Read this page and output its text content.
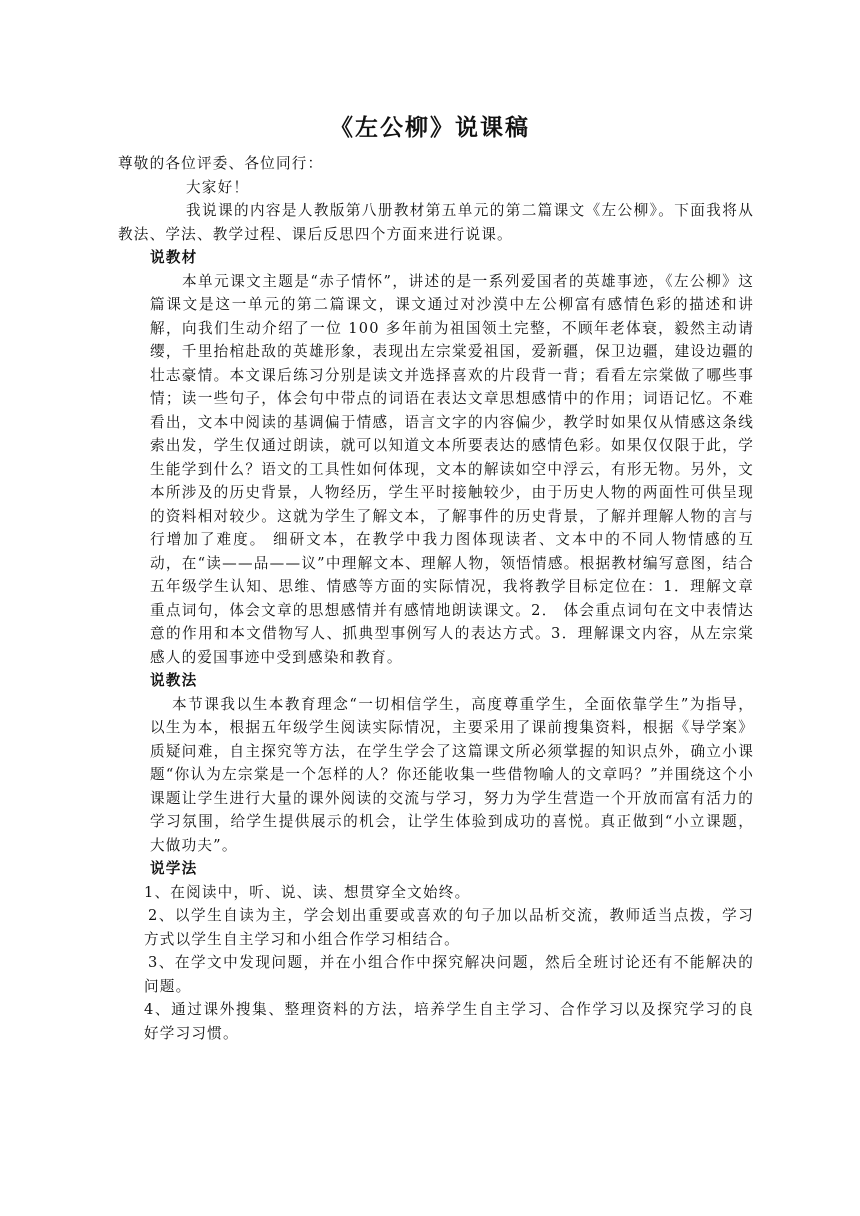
《左公柳》说课稿

尊敬的各位评委、各位同行：

大家好！

我说课的内容是人教版第八册教材第五单元的第二篇课文《左公柳》。下面我将从教法、学法、教学过程、课后反思四个方面来进行说课。

说教材

本单元课文主题是“赤子情怀”，讲述的是一系列爱国者的英雄事迹，《左公柳》这篇课文是这一单元的第二篇课文，课文通过对沙漠中左公柳富有感情色彩的描述和讲解，向我们生动介绍了一位 100 多年前为祖国领土完整，不顾年老体衰，毅然主动请缨，千里抬棺赴敌的英雄形象，表现出左宗棠爱祖国，爱新疆，保卫边疆，建设边疆的壮志豪情。本文课后练习分别是读文并选择喜欢的片段背一背；看看左宗棠做了哪些事情；读一些句子，体会句中带点的词语在表达文章思想感情中的作用；词语记忆。不难看出，文本中阅读的基调偏于情感，语言文字的内容偏少，教学时如果仅从情感这条线索出发，学生仅通过朗读，就可以知道文本所要表达的感情色彩。如果仅仅限于此，学生能学到什么？语文的工具性如何体现，文本的解读如空中浮云，有形无物。另外，文本所涉及的历史背景，人物经历，学生平时接触较少，由于历史人物的两面性可供呈现的资料相对较少。这就为学生了解文本，了解事件的历史背景，了解并理解人物的言与行增加了难度。 细研文本，在教学中我力图体现读者、文本中的不同人物情感的互动，在“读——品——议”中理解文本、理解人物，领悟情感。根据教材编写意图，结合五年级学生认知、思维、情感等方面的实际情况，我将教学目标定位在：1．理解文章重点词句，体会文章的思想感情并有感情地朗读课文。2． 体会重点词句在文中表情达意的作用和本文借物写人、抓典型事例写人的表达方式。3．理解课文内容，从左宗棠感人的爱国事迹中受到感染和教育。

说教法

本节课我以生本教育理念“一切相信学生，高度尊重学生，全面依靠学生”为指导，以生为本，根据五年级学生阅读实际情况，主要采用了课前搜集资料，根据《导学案》质疑问难，自主探究等方法，在学生学会了这篇课文所必须掌握的知识点外，确立小课题“你认为左宗棠是一个怎样的人？你还能收集一些借物喻人的文章吗？”并围绕这个小课题让学生进行大量的课外阅读的交流与学习，努力为学生营造一个开放而富有活力的学习氛围，给学生提供展示的机会，让学生体验到成功的喜悦。真正做到“小立课题，大做功夫”。

说学法

1、在阅读中，听、说、读、想贯穿全文始终。

2、以学生自读为主，学会划出重要或喜欢的句子加以品析交流，教师适当点拨，学习方式以学生自主学习和小组合作学习相结合。

3、在学文中发现问题，并在小组合作中探究解决问题，然后全班讨论还有不能解决的问题。

4、通过课外搜集、整理资料的方法，培养学生自主学习、合作学习以及探究学习的良好学习习惯。
